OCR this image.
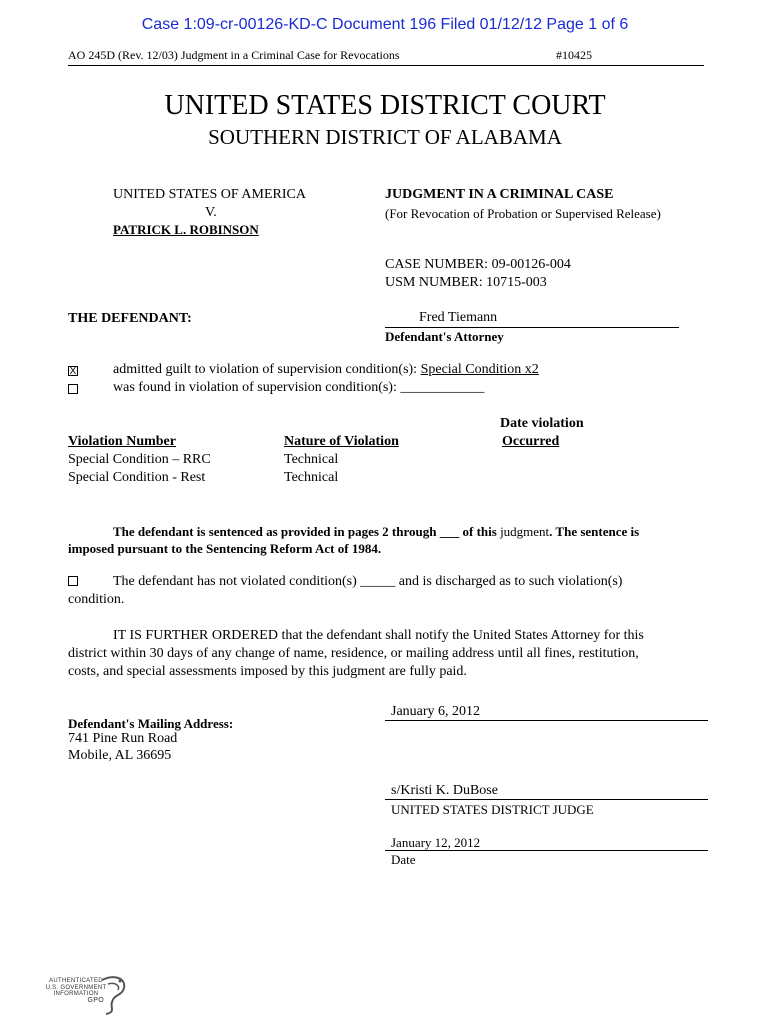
Case 1:09-cr-00126-KD-C Document 196 Filed 01/12/12 Page 1 of 6
AO 245D (Rev. 12/03) Judgment in a Criminal Case for Revocations	#10425
UNITED STATES DISTRICT COURT
SOUTHERN DISTRICT OF ALABAMA
UNITED STATES OF AMERICA
V.
PATRICK L. ROBINSON
JUDGMENT IN A CRIMINAL CASE
(For Revocation of Probation or Supervised Release)
CASE NUMBER: 09-00126-004
USM NUMBER: 10715-003
THE DEFENDANT:	Fred Tiemann
Defendant's Attorney
X	admitted guilt to violation of supervision condition(s): Special Condition x2
was found in violation of supervision condition(s): ____________
Date violation
Violation Number	Nature of Violation	Occurred
Special Condition – RRC	Technical
Special Condition - Rest	Technical
The defendant is sentenced as provided in pages 2 through ___ of this judgment. The sentence is
imposed pursuant to the Sentencing Reform Act of 1984.
The defendant has not violated condition(s) _____ and is discharged as to such violation(s)
condition.
IT IS FURTHER ORDERED that the defendant shall notify the United States Attorney for this
district within 30 days of any change of name, residence, or mailing address until all fines, restitution,
costs, and special assessments imposed by this judgment are fully paid.
January 6, 2012
Defendant's Mailing Address:
741 Pine Run Road
Mobile, AL 36695
s/Kristi K. DuBose
UNITED STATES DISTRICT JUDGE
January 12, 2012
Date
AUTHENTICATED
U.S. GOVERNMENT
INFORMATION
GPO
